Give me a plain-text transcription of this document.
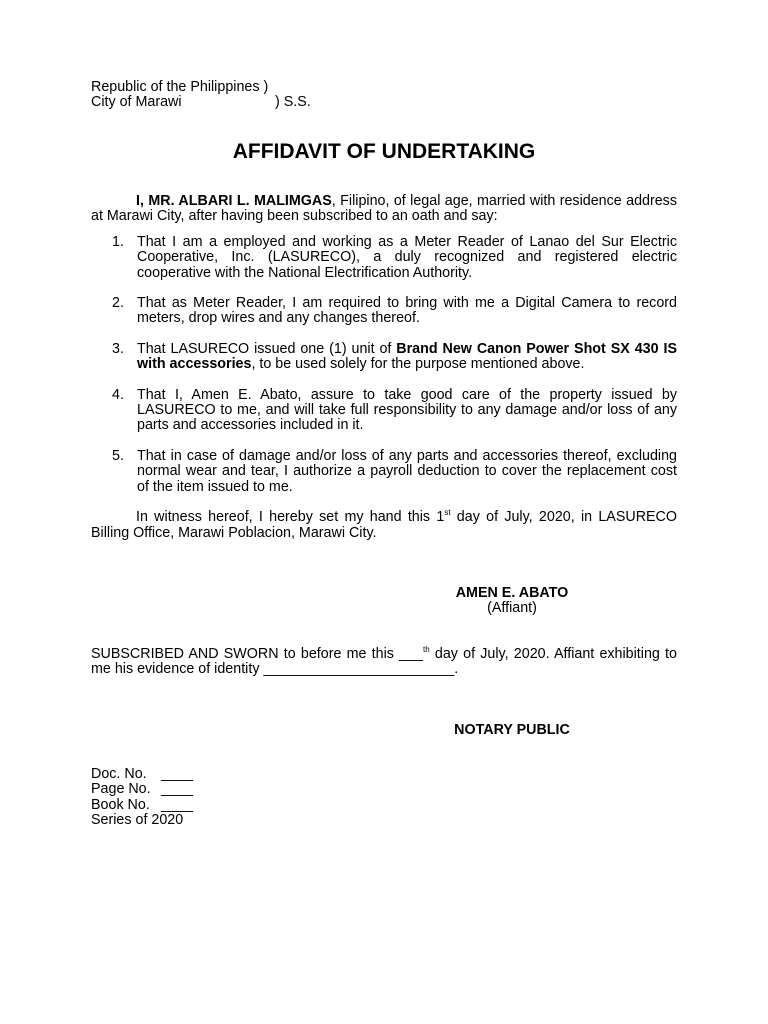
Republic of the Philippines )
City of Marawi	) S.S.
AFFIDAVIT OF UNDERTAKING

I, MR. ALBARI L. MALIMGAS, Filipino, of legal age, married with residence address at Marawi City, after having been subscribed to an oath and say:

1. That I am a employed and working as a Meter Reader of Lanao del Sur Electric Cooperative, Inc. (LASURECO), a duly recognized and registered electric cooperative with the National Electrification Authority.
2. That as Meter Reader, I am required to bring with me a Digital Camera to record meters, drop wires and any changes thereof.
3. That LASURECO issued one (1) unit of Brand New Canon Power Shot SX 430 IS with accessories, to be used solely for the purpose mentioned above.
4. That I, Amen E. Abato, assure to take good care of the property issued by LASURECO to me, and will take full responsibility to any damage and/or loss of any parts and accessories included in it.
5. That in case of damage and/or loss of any parts and accessories thereof, excluding normal wear and tear, I authorize a payroll deduction to cover the replacement cost of the item issued to me.

In witness hereof, I hereby set my hand this 1st day of July, 2020, in LASURECO Billing Office, Marawi Poblacion, Marawi City.

AMEN E. ABATO
(Affiant)
SUBSCRIBED AND SWORN to before me this ___$^{th}$ day of July, 2020. Affiant exhibiting to me his evidence of identity ________________________.
NOTARY PUBLIC
Doc. No.	____
Page No. ____
Book No. ____
Series of 2020
